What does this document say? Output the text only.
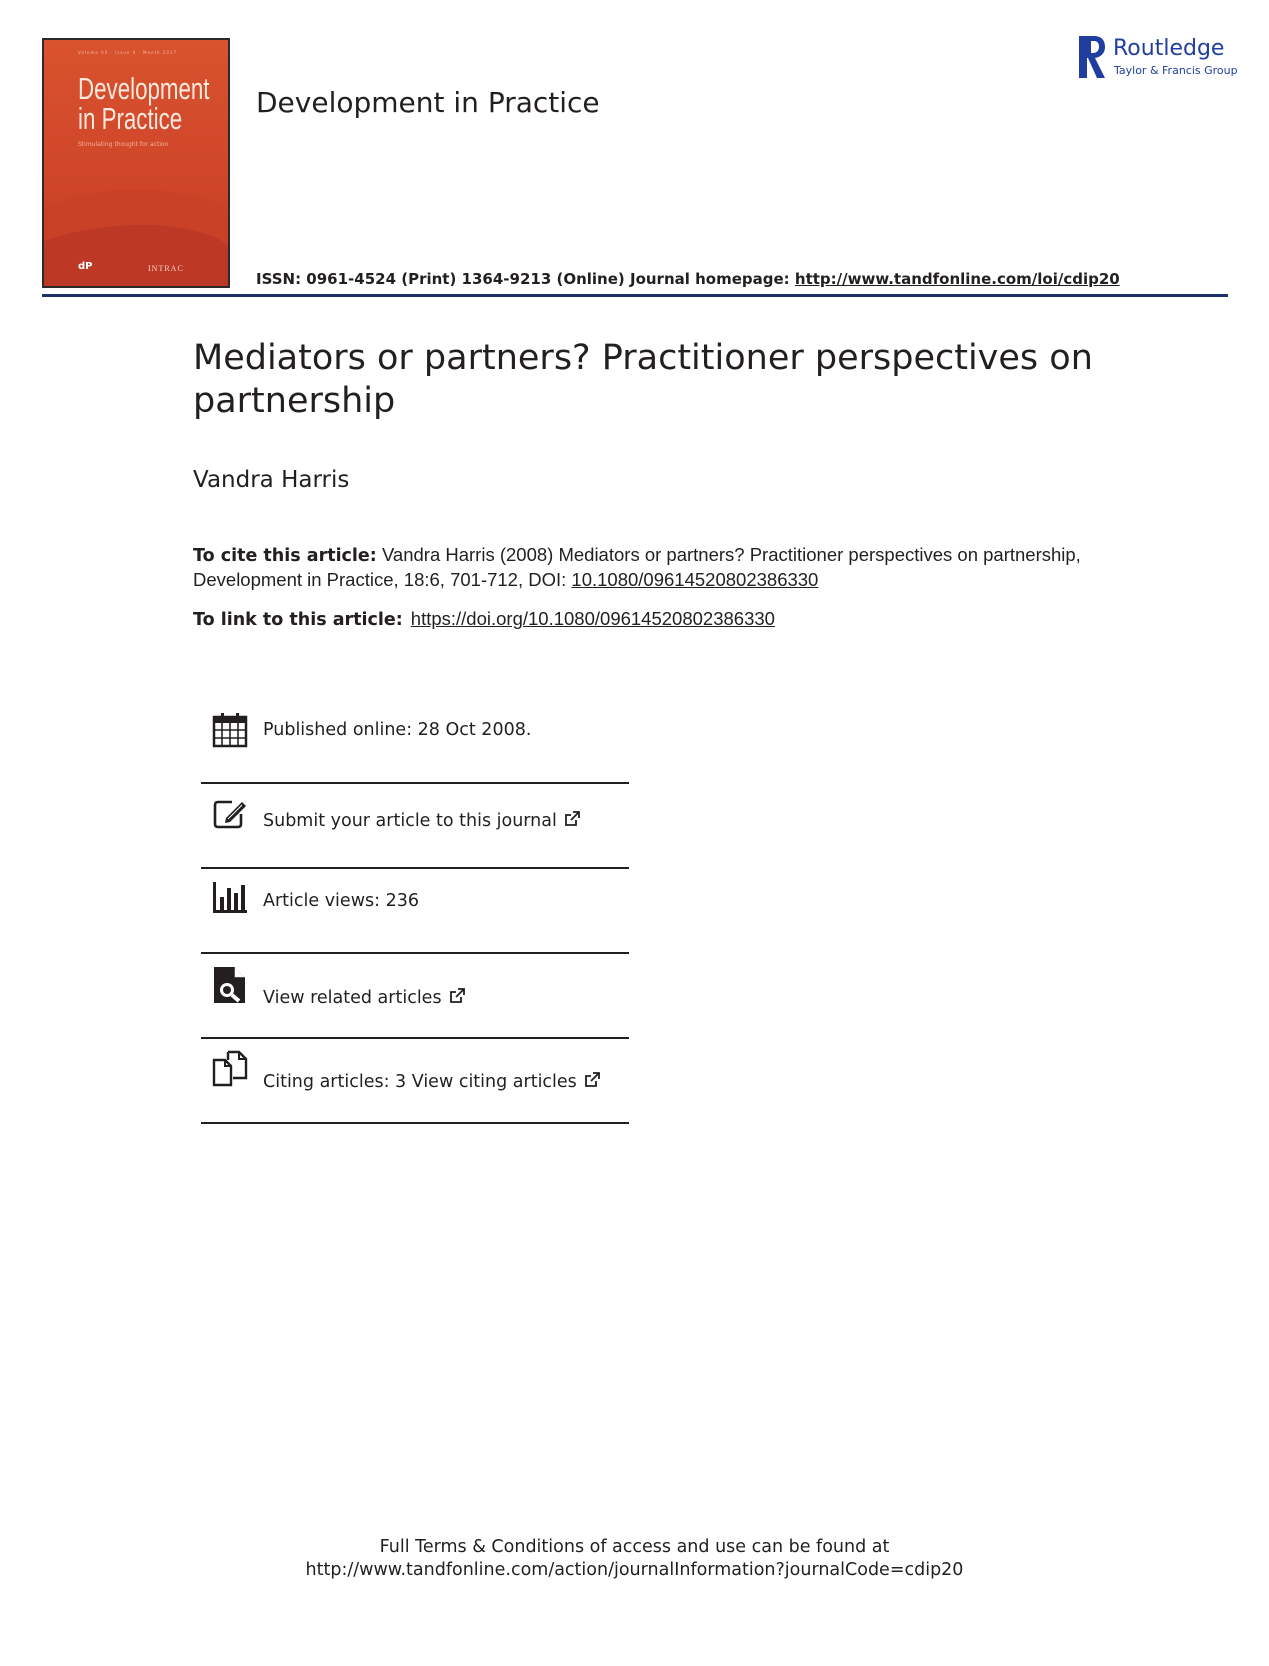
Volume 00 · Issue 0 · Month 2017
Development
in Practice
Stimulating thought for action
dP	INTRAC
Development in Practice
ISSN: 0961-4524 (Print) 1364-9213 (Online) Journal homepage: http://www.tandfonline.com/loi/cdip20
Routledge
Taylor & Francis Group
Mediators or partners? Practitioner perspectives on partnership
Vandra Harris
To cite this article: Vandra Harris (2008) Mediators or partners? Practitioner perspectives on partnership, Development in Practice, 18:6, 701-712, DOI: 10.1080/09614520802386330
To link to this article: https://doi.org/10.1080/09614520802386330
Published online: 28 Oct 2008.
Submit your article to this journal
Article views: 236
View related articles
Citing articles: 3 View citing articles
Full Terms & Conditions of access and use can be found at
http://www.tandfonline.com/action/journalInformation?journalCode=cdip20
